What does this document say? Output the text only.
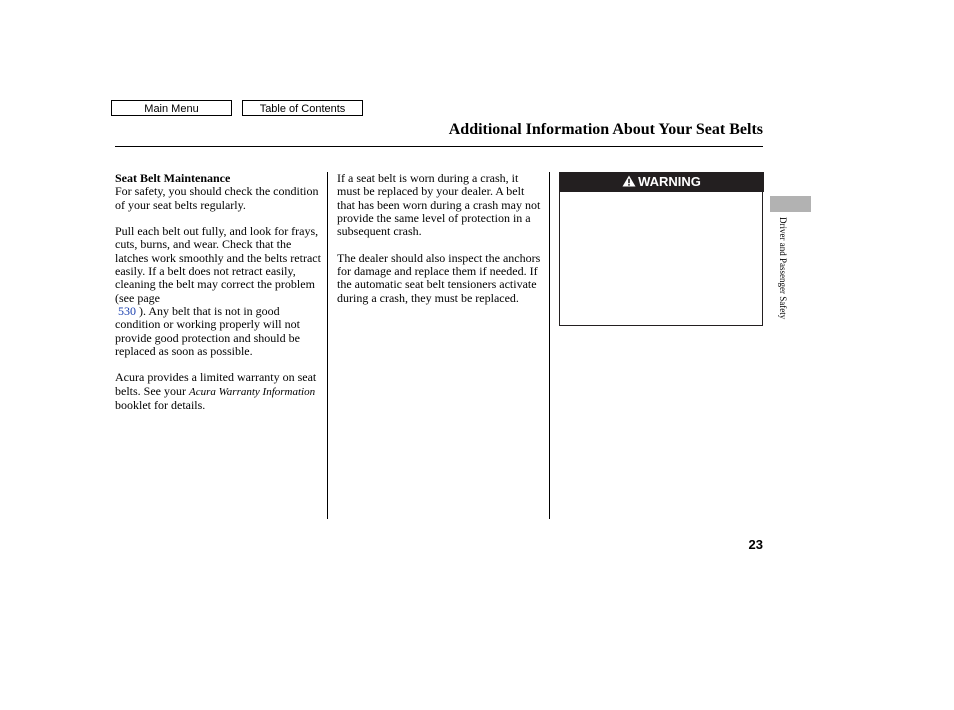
Main Menu	Table of Contents
Additional Information About Your Seat Belts
Seat Belt Maintenance

For safety, you should check the condition of your seat belts regularly.

Pull each belt out fully, and look for frays, cuts, burns, and wear. Check that the latches work smoothly and the belts retract easily. If a belt does not retract easily, cleaning the belt may correct the problem (see page
530 ). Any belt that is not in good condition or working properly will not provide good protection and should be replaced as soon as possible.

Acura provides a limited warranty on seat belts. See your Acura Warranty Information booklet for details.

If a seat belt is worn during a crash, it must be replaced by your dealer. A belt that has been worn during a crash may not provide the same level of protection in a subsequent crash.

The dealer should also inspect the anchors for damage and replace them if needed. If the automatic seat belt tensioners activate during a crash, they must be replaced.

WARNING
Driver and Passenger Safety
23
